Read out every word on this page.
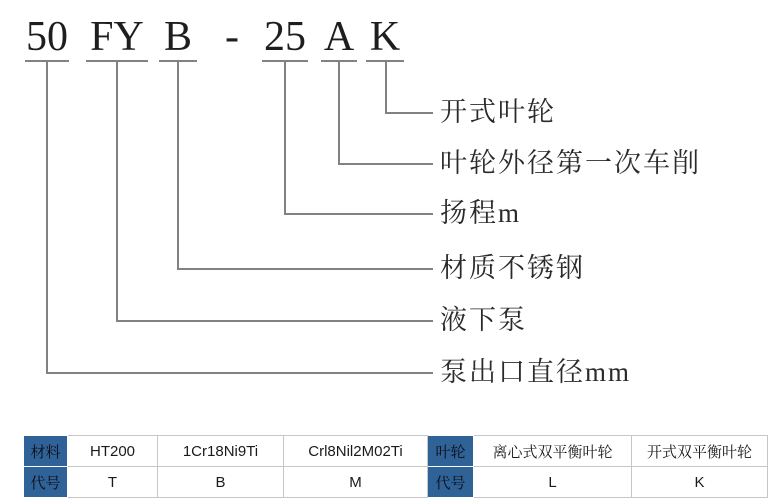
50 FY B - 25 A K
开式叶轮
叶轮外径第一次车削
扬程m
材质不锈钢
液下泵
泵出口直径mm
材料	HT200	1Cr18Ni9Ti	Crl8Nil2M02Ti	叶轮	离心式双平衡叶轮	开式双平衡叶轮
代号	T	B	M	代号	L	K
